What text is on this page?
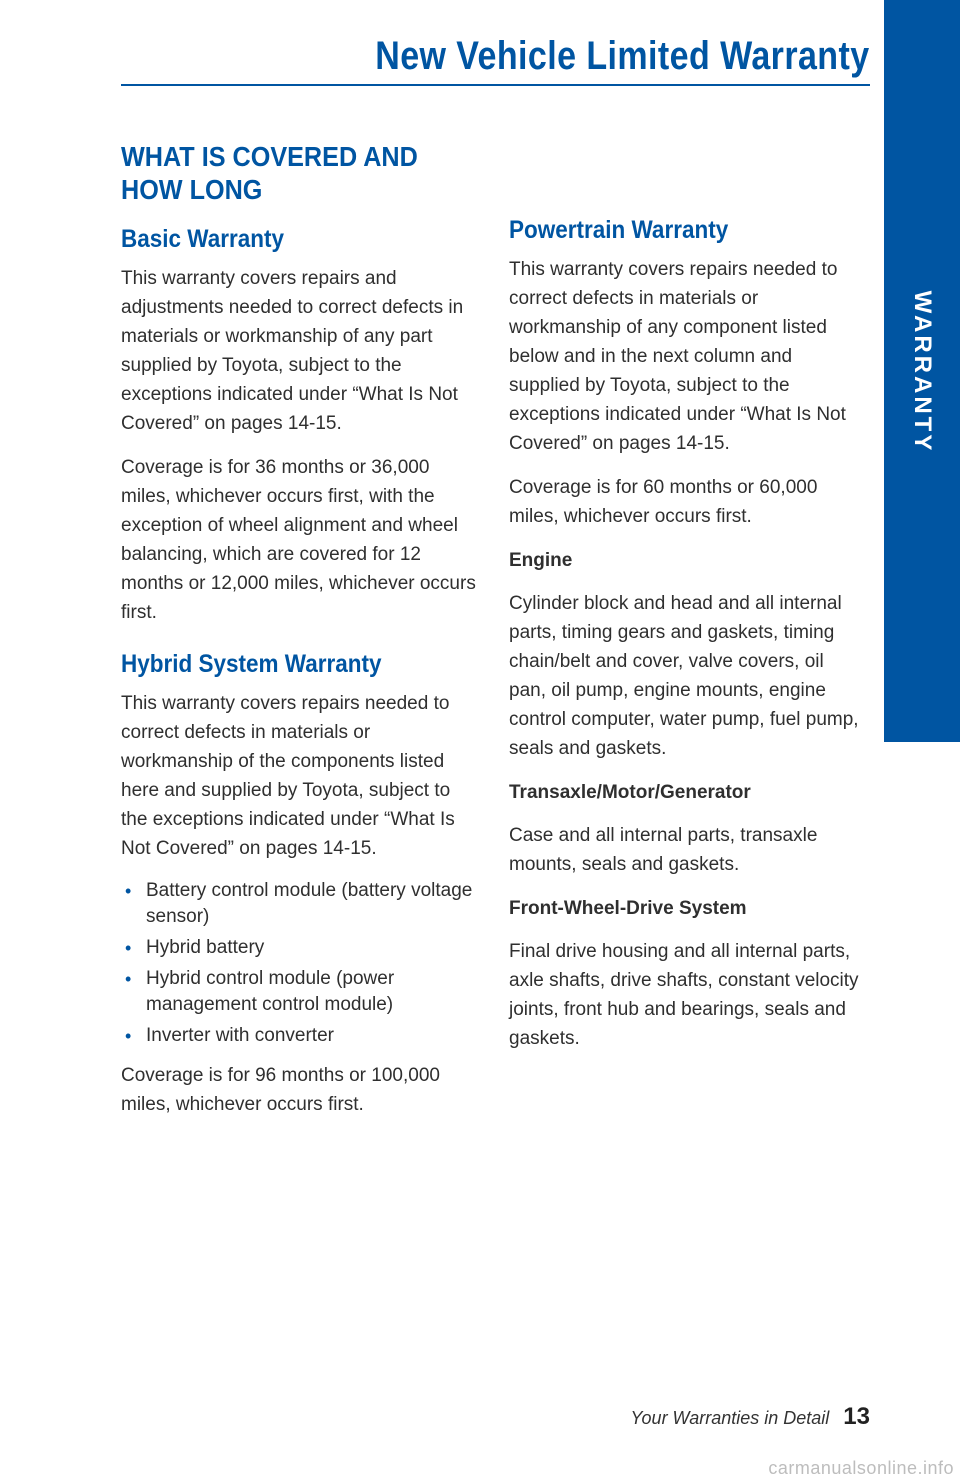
New Vehicle Limited Warranty
WARRANTY
WHAT IS COVERED AND
HOW LONG
Basic Warranty

This warranty covers repairs and adjustments needed to correct defects in materials or workmanship of any part supplied by Toyota, subject to the exceptions indicated under “What Is Not Covered” on pages 14-15.

Coverage is for 36 months or 36,000 miles, whichever occurs first, with the exception of wheel alignment and wheel balancing, which are covered for 12 months or 12,000 miles, whichever occurs first.

Hybrid System Warranty

This warranty covers repairs needed to correct defects in materials or workmanship of the components listed here and supplied by Toyota, subject to the exceptions indicated under “What Is Not Covered” on pages 14-15.

• Battery control module (battery voltage sensor)
• Hybrid battery
• Hybrid control module (power management control module)
• Inverter with converter

Coverage is for 96 months or 100,000 miles, whichever occurs first.

Powertrain Warranty

This warranty covers repairs needed to correct defects in materials or workmanship of any component listed below and in the next column and supplied by Toyota, subject to the exceptions indicated under “What Is Not Covered” on pages 14-15.

Coverage is for 60 months or 60,000 miles, whichever occurs first.

Engine

Cylinder block and head and all internal parts, timing gears and gaskets, timing chain/belt and cover, valve covers, oil pan, oil pump, engine mounts, engine control computer, water pump, fuel pump, seals and gaskets.

Transaxle/Motor/Generator

Case and all internal parts, transaxle mounts, seals and gaskets.

Front-Wheel-Drive System

Final drive housing and all internal parts, axle shafts, drive shafts, constant velocity joints, front hub and bearings, seals and gaskets.

Your Warranties in Detail 13
carmanualsonline.info
